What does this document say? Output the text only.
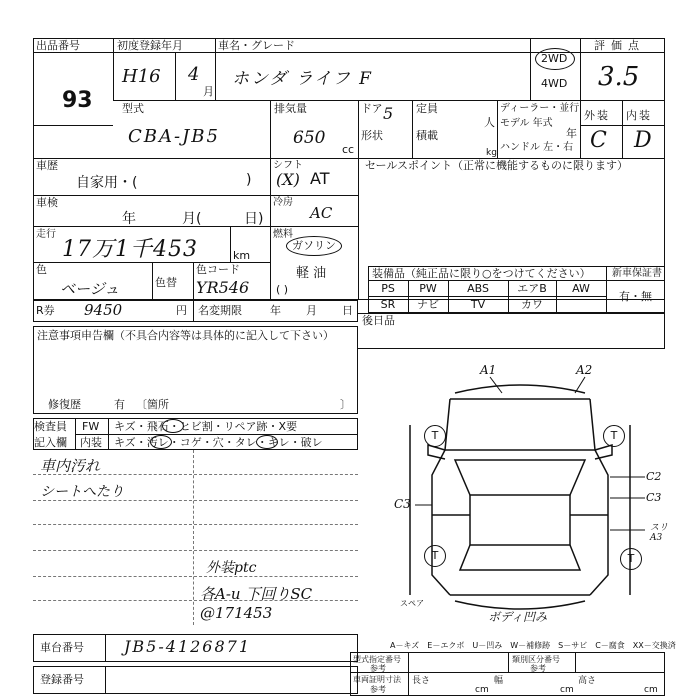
出品番号
93
初度登録年月
H16 4
月
車名・グレード
ホンダ ライフ F
2WD
4WD
評価点
3.5
型式
CBA-JB5
排気量
650
cc
ドア 5 定員
人
形状	積載
kg
ディーラー・並行
モデル 年式
年
ハンドル 左・右
外装 内装
C D
車歴
自家用・(	)
車検
年	月(	日)
走行
17万1千453	km
色
ベージュ	色替
色コード
YR546
シフト
(X) AT
冷房
AC
燃料
ガソリン
軽 油
( )
セールスポイント（正常に機能するものに限ります）
装備品（純正品に限り○をつけてください） 新車保証書
有・無
PS	PW	ABS	エアB	AW
SR	ナビ	TV	カワ
R券 9450	円 名変期限	年 月 日
後日品
注意事項申告欄（不具合内容等は具体的に記入して下さい）
修復歴	有 〔箇所	〕
検査員
記入欄
FW キズ・飛石・ヒビ割・リペア跡・X要
内装 キズ・汚レ・コゲ・穴・タレ・キレ・破レ
車内汚れ
シートへたり
外装ptc
各A-u 下回りSC
@171453
T	T
T	T
A1	A2
C2
C3
スリ A3
C3
スペア
ボディ凹み
A－キズ　E－エクボ　U－凹み　W－補修跡　S－サビ　C－腐食　XX－交換済
車台番号	JB5-4126871
登録番号
型式指定番号
参考
類別区分番号
参考
車両証明寸法
参考
長さ
cm
幅
cm
高さ
cm
